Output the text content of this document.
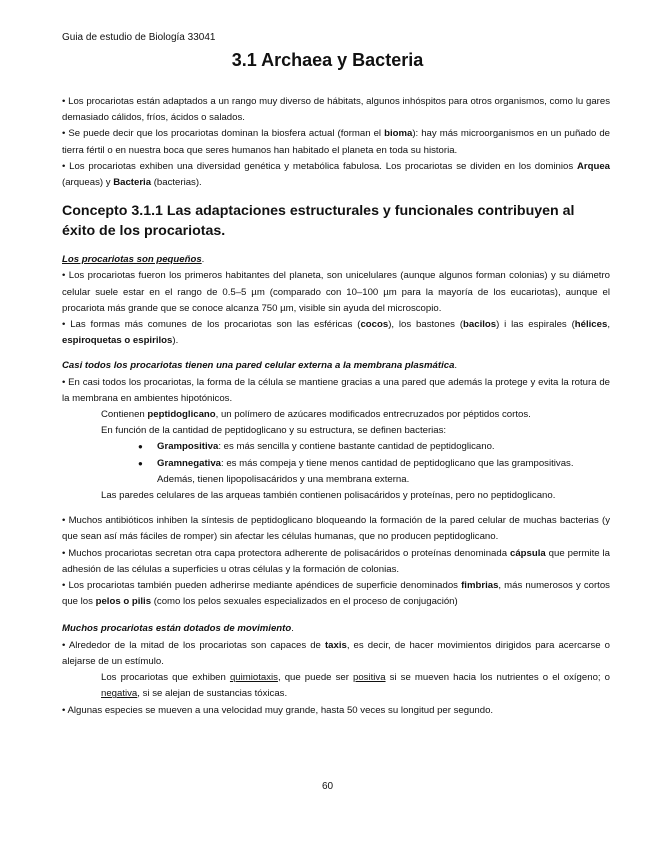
Guia de estudio de Biología 33041
3.1 Archaea y Bacteria

• Los procariotas están adaptados a un rango muy diverso de hábitats, algunos inhóspitos para otros organismos, como lu gares demasiado cálidos, fríos, ácidos o salados.

• Se puede decir que los procariotas dominan la biosfera actual (forman el bioma): hay más microorganismos en un puñado de tierra fértil o en nuestra boca que seres humanos han habitado el planeta en toda su historia.

• Los procariotas exhiben una diversidad genética y metabólica fabulosa. Los procariotas se dividen en los dominios Arquea (arqueas) y Bacteria (bacterias).

Concepto 3.1.1 Las adaptaciones estructurales y funcionales contribuyen al éxito de los procariotas.

Los procariotas son pequeños.

• Los procariotas fueron los primeros habitantes del planeta, son unicelulares (aunque algunos forman colonias) y su diámetro celular suele estar en el rango de 0.5–5 µm (comparado con 10–100 µm para la mayoría de los eucariotas), aunque el procariota más grande que se conoce alcanza 750 µm, visible sin ayuda del microscopio.

• Las formas más comunes de los procariotas son las esféricas (cocos), los bastones (bacilos) i las espirales (hélices, espiroquetas o espirilos).

Casi todos los procariotas tienen una pared celular externa a la membrana plasmática.

• En casi todos los procariotas, la forma de la célula se mantiene gracias a una pared que además la protege y evita la rotura de la membrana en ambientes hipotónicos.

Contienen peptidoglicano, un polímero de azúcares modificados entrecruzados por péptidos cortos.

En función de la cantidad de peptidoglicano y su estructura, se definen bacterias:

● Grampositiva: es más sencilla y contiene bastante cantidad de peptidoglicano.

● Gramnegativa: es más compeja y tiene menos cantidad de peptidoglicano que las grampositivas.

Además, tienen lipopolisacáridos y una membrana externa.

Las paredes celulares de las arqueas también contienen polisacáridos y proteínas, pero no peptidoglicano.

• Muchos antibióticos inhiben la síntesis de peptidoglicano bloqueando la formación de la pared celular de muchas bacterias (y que sean así más fáciles de romper) sin afectar les células humanas, que no producen peptidoglicano.

• Muchos procariotas secretan otra capa protectora adherente de polisacáridos o proteínas denominada cápsula que permite la adhesión de las células a superficies u otras células y la formación de colonias.

• Los procariotas también pueden adherirse mediante apéndices de superficie denominados fimbrias, más numerosos y cortos que los pelos o pilis (como los pelos sexuales especializados en el proceso de conjugación)

Muchos procariotas están dotados de movimiento.

• Alrededor de la mitad de los procariotas son capaces de taxis, es decir, de hacer movimientos dirigidos para acercarse o alejarse de un estímulo.

Los procariotas que exhiben quimiotaxis, que puede ser positiva si se mueven hacia los nutrientes o el oxígeno; o negativa, si se alejan de sustancias tóxicas.

• Algunas especies se mueven a una velocidad muy grande, hasta 50 veces su longitud per segundo.

60
